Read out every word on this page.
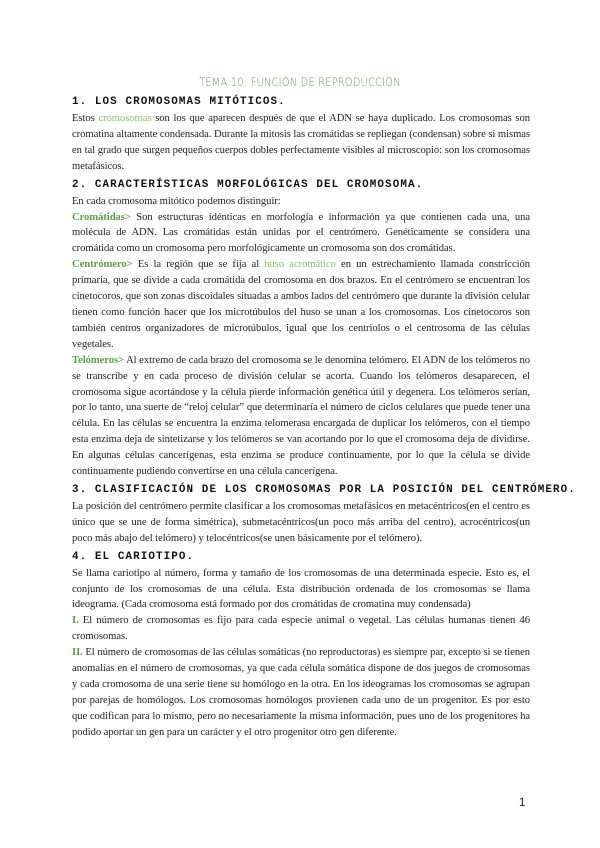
TEMA 10: FUNCIÓN DE REPRODUCCIÓN
1. LOS CROMOSOMAS MITÓTICOS.

Estos cromosomas son los que aparecen después de que el ADN se haya duplicado. Los cromosomas son cromatina altamente condensada. Durante la mitosis las cromátidas se repliegan (condensan) sobre sí mismas en tal grado que surgen pequeños cuerpos dobles perfectamente visibles al microscopio: son los cromosomas metafásicos.

2. CARACTERÍSTICAS MORFOLÓGICAS DEL CROMOSOMA.

En cada cromosoma mitótico podemos distinguir:

Cromátidas> Son estructuras idénticas en morfología e información ya que contienen cada una, una molécula de ADN. Las cromátidas están unidas por el centrómero. Genéticamente se considera una cromátida como un cromosoma pero morfológicamente un cromosoma son dos cromátidas.

Centrómero> Es la región que se fija al huso acromático en un estrechamiento llamada constricción primaria, que se divide a cada cromátida del cromosoma en dos brazos. En el centrómero se encuentran los cinetocoros, que son zonas discoidales situadas a ambos lados del centrómero que durante la división celular tienen como función hacer que los microtúbulos del huso se unan a los cromosomas. Los cinetocoros son también centros organizadores de microtúbulos, igual que los centriolos o el centrosoma de las células vegetales.

Telómeros> Al extremo de cada brazo del cromosoma se le denomina telómero. El ADN de los telómeros no se transcribe y en cada proceso de división celular se acorta. Cuando los telómeros desaparecen, el cromosoma sigue acortándose y la célula pierde información genética útil y degenera. Los telómeros serían, por lo tanto, una suerte de “reloj celular” que determinaría el número de ciclos celulares que puede tener una célula. En las células se encuentra la enzima telomerasa encargada de duplicar los telómeros, con el tiempo esta enzima deja de sintetizarse y los telómeros se van acortando por lo que el cromosoma deja de dividirse. En algunas células cancerígenas, esta enzima se produce continuamente, por lo que la célula se divide continuamente pudiendo convertirse en una célula cancerígena.

3. CLASIFICACIÓN DE LOS CROMOSOMAS POR LA POSICIÓN DEL CENTRÓMERO.

La posición del centrómero permite clasificar a los cromosomas metafásicos en metacéntricos(en el centro es único que se une de forma simétrica), submetacéntricos(un poco más arriba del centro), acrocéntricos(un poco más abajo del telómero) y telocéntricos(se unen básicamente por el telómero).

4. EL CARIOTIPO.

Se llama cariotipo al número, forma y tamaño de los cromosomas de una determinada especie. Esto es, el conjunto de los cromosomas de una célula. Esta distribución ordenada de los cromosomas se llama ideograma. (Cada cromosoma está formado por dos cromátidas de cromatina muy condensada)

I. El número de cromosomas es fijo para cada especie animal o vegetal. Las células humanas tienen 46 cromosomas.

II. El número de cromosomas de las células somáticas (no reproductoras) es siempre par, excepto si se tienen anomalías en el número de cromosomas, ya que cada célula somática dispone de dos juegos de cromosomas y cada cromosoma de una serie tiene su homólogo en la otra. En los ideogramas los cromosomas se agrupan por parejas de homólogos. Los cromosomas homólogos provienen cada uno de un progenitor. Es por esto que codifican para lo mismo, pero no necesariamente la misma información, pues uno de los progenitores ha podido aportar un gen para un carácter y el otro progenitor otro gen diferente.

1
